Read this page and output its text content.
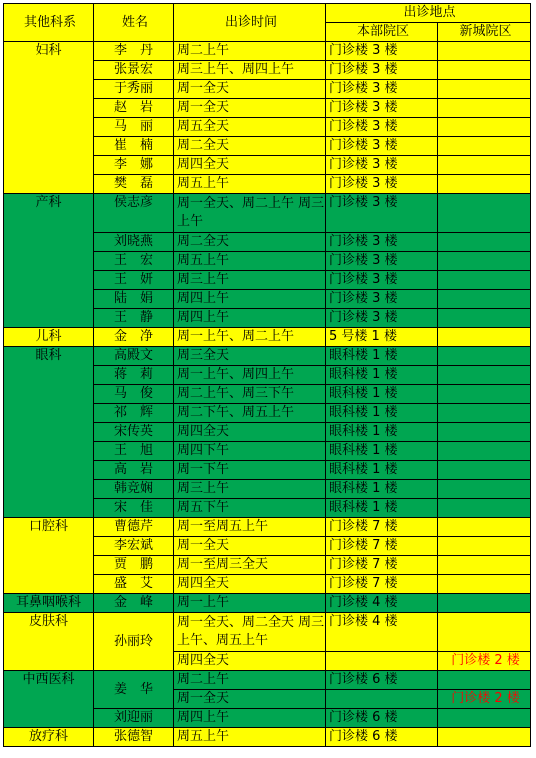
其他科系	姓名	出诊时间	出诊地点	
			本部院区	新城院区
妇科	李　丹	周二上午	门诊楼 3 楼	
	张景宏	周三上午、周四上午	门诊楼 3 楼	
	于秀丽	周一全天	门诊楼 3 楼	
	赵　岩	周一全天	门诊楼 3 楼	
	马　丽	周五全天	门诊楼 3 楼	
	崔　楠	周二全天	门诊楼 3 楼	
	李　娜	周四全天	门诊楼 3 楼	
	樊　磊	周五上午	门诊楼 3 楼	
产科	侯志彦	周一全天、周二上午 周三上午	门诊楼 3 楼	
	刘晓燕	周二全天	门诊楼 3 楼	
	王　宏	周五上午	门诊楼 3 楼	
	王　妍	周三上午	门诊楼 3 楼	
	陆　娟	周四上午	门诊楼 3 楼	
	王　静	周四上午	门诊楼 3 楼	
儿科	金　净	周一上午、周二上午	5 号楼 1 楼	
眼科	高殿文	周三全天	眼科楼 1 楼	
	蒋　莉	周一上午、周四上午	眼科楼 1 楼	
	马　俊	周二上午、周三下午	眼科楼 1 楼	
	祁　辉	周二下午、周五上午	眼科楼 1 楼	
	宋传英	周四全天	眼科楼 1 楼	
	王　旭	周四下午	眼科楼 1 楼	
	高　岩	周一下午	眼科楼 1 楼	
	韩竞娴	周三上午	眼科楼 1 楼	
	宋　佳	周五下午	眼科楼 1 楼	
口腔科	曹德芹	周一至周五上午	门诊楼 7 楼	
	李宏斌	周一全天	门诊楼 7 楼	
	贾　鹏	周一至周三全天	门诊楼 7 楼	
	盛　艾	周四全天	门诊楼 7 楼	
耳鼻咽喉科	金　峰	周一上午	门诊楼 4 楼	
皮肤科	孙丽玲	周一全天、周二全天 周三上午、周五上午	门诊楼 4 楼	
		周四全天		门诊楼 2 楼
中西医科	姜　华	周二上午	门诊楼 6 楼	
		周一全天		门诊楼 2 楼
	刘迎丽	周四上午	门诊楼 6 楼	
放疗科	张德智	周五上午	门诊楼 6 楼	
